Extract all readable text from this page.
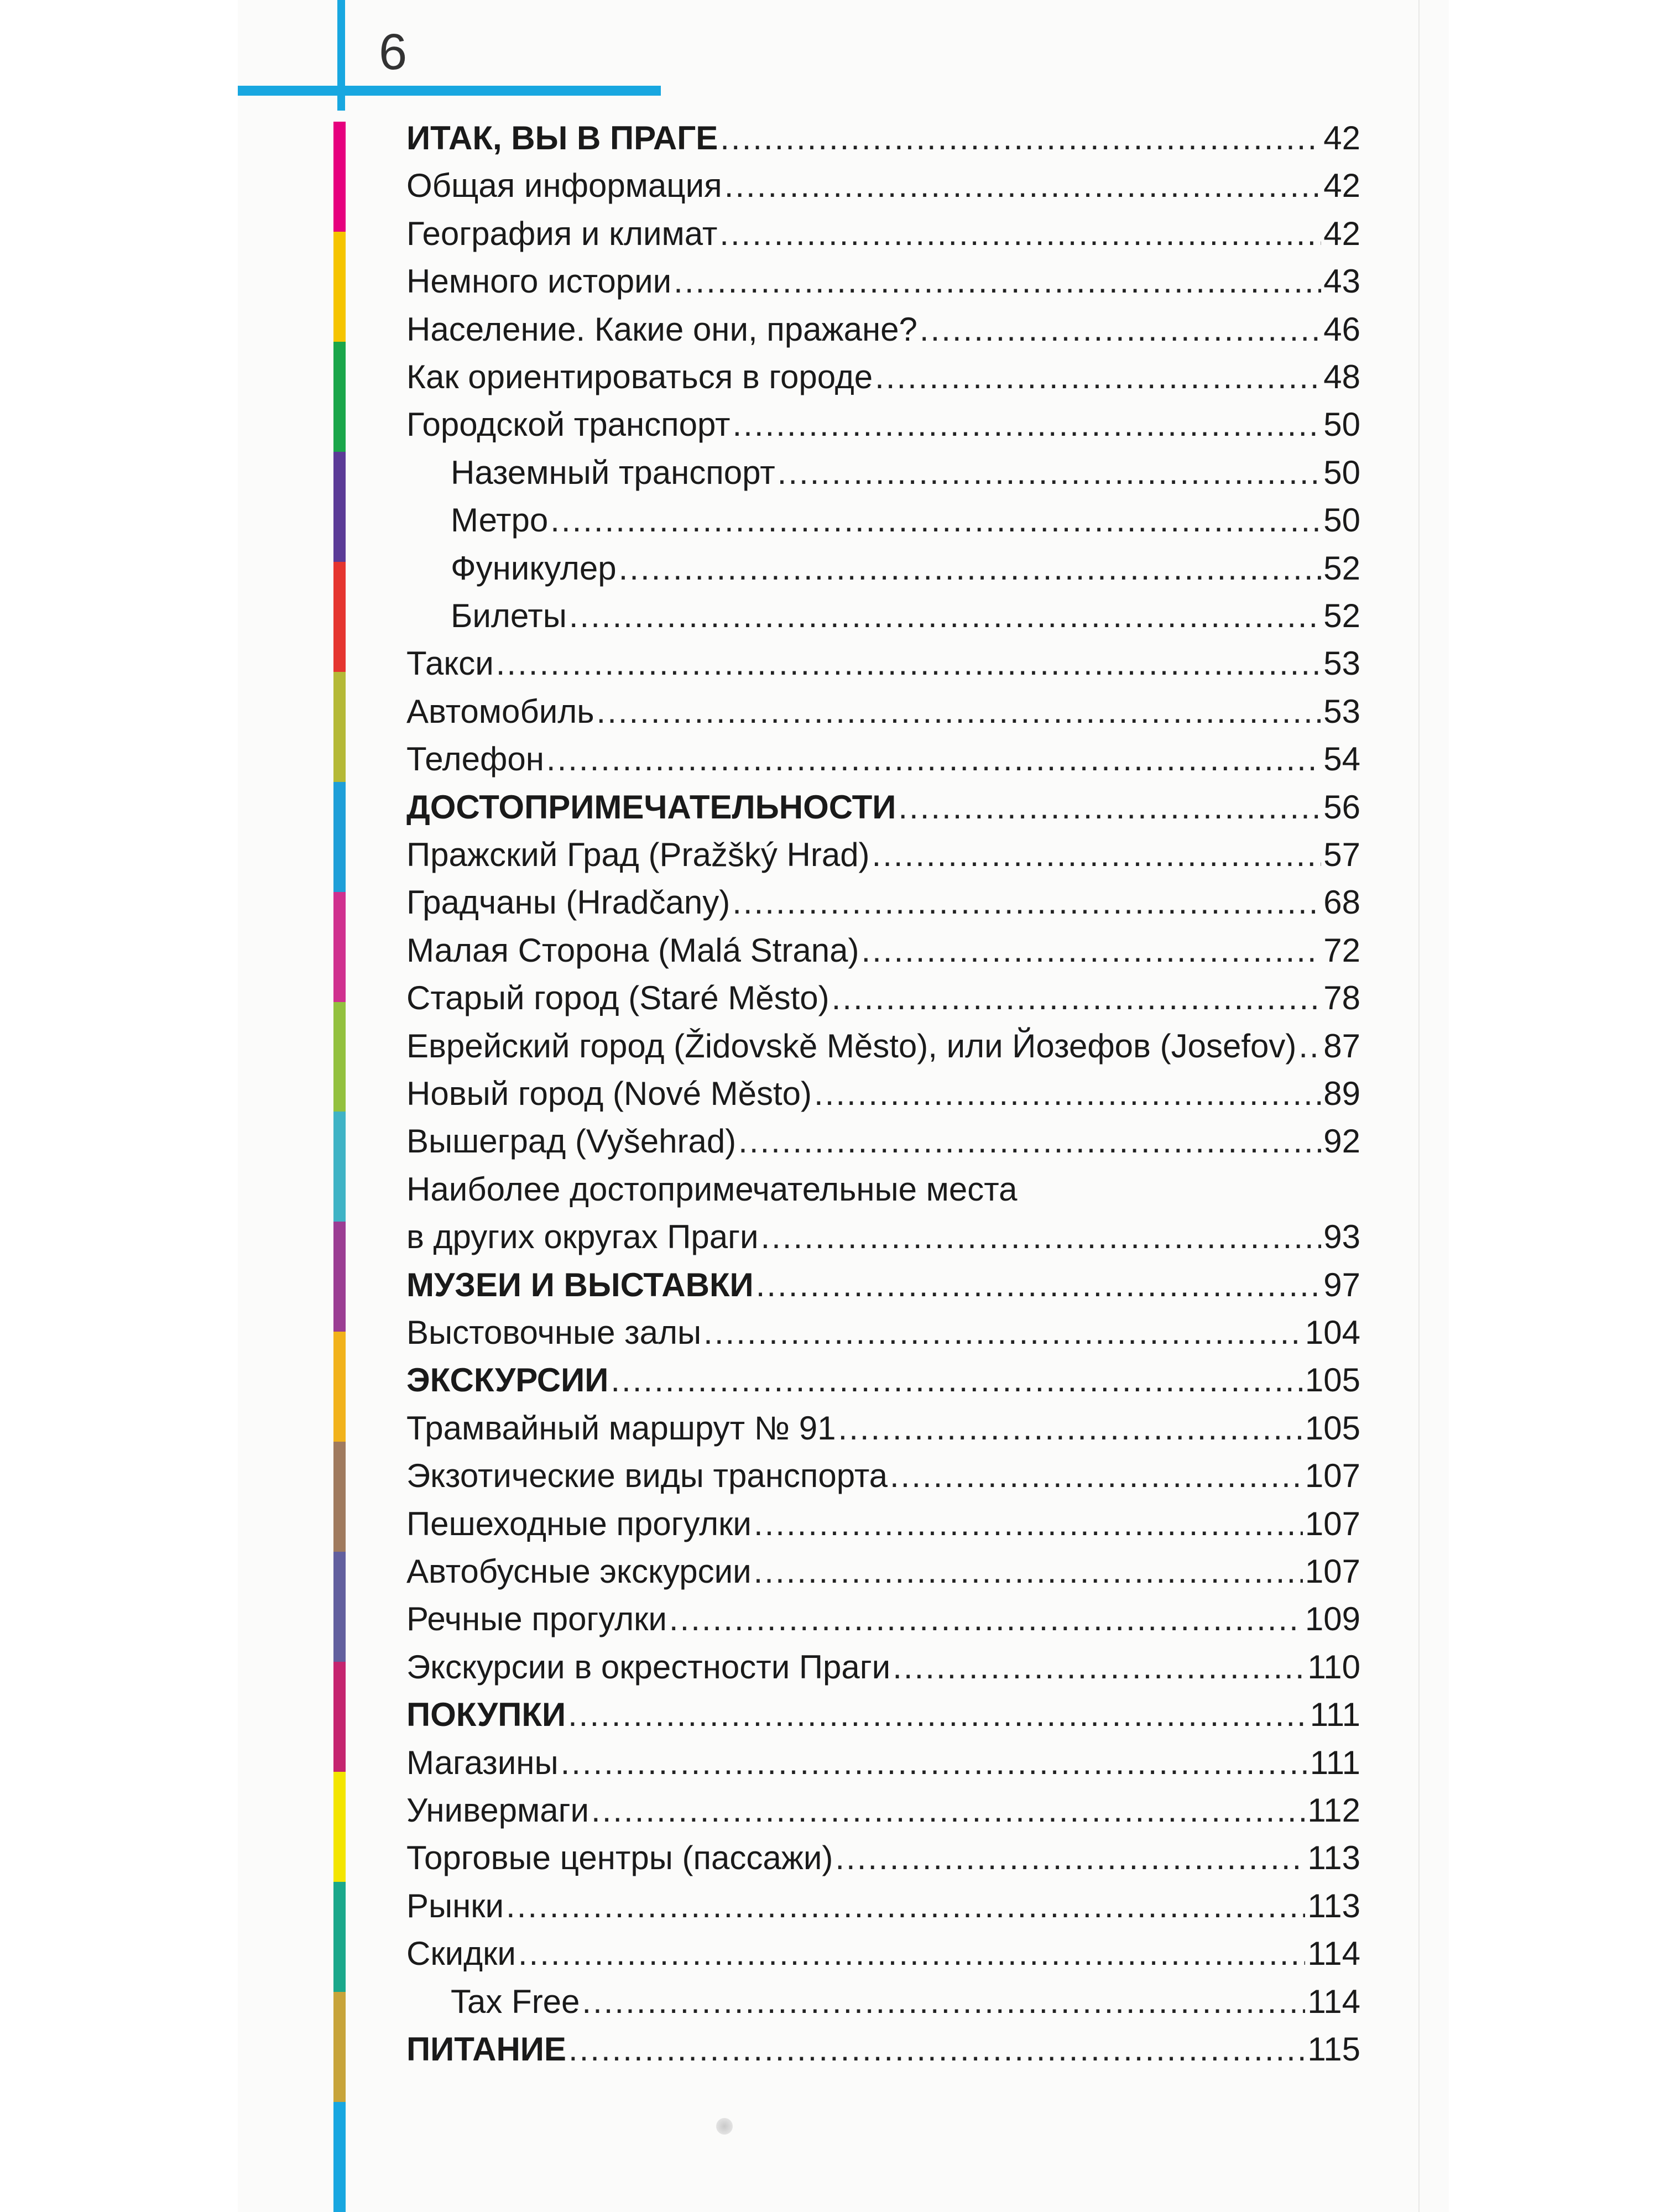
6
ИТАК, ВЫ В ПРАГЕ .....	42
Общая информация .....	42
География и климат .....	42
Немного истории .....	43
Население. Какие они, пражане? .....	46
Как ориентироваться в городе .....	48
Городской транспорт .....	50
Наземный транспорт .....	50
Метро .....	50
Фуникулер .....	52
Билеты .....	52
Такси .....	53
Автомобиль .....	53
Телефон .....	54
ДОСТОПРИМЕЧАТЕЛЬНОСТИ .....	56
Пражский Град (Pražšký Hrad) .....	57
Градчаны (Hradčany) .....	68
Малая Сторона (Malá Strana) .....	72
Старый город (Staré Město) .....	78
Еврейский город (Židovskě Město), или Йозефов (Josefov) ..... 87
Новый город (Nové Město) .....	89
Вышеград (Vyšehrad) .....	92
Наиболее достопримечательные места
в других округах Праги .....	93
МУЗЕИ И ВЫСТАВКИ .....	97
Выстовочные залы .....	104
ЭКСКУРСИИ .....	105
Трамвайный маршрут № 91 .....	105
Экзотические виды транспорта .....	107
Пешеходные прогулки .....	107
Автобусные экскурсии .....	107
Речные прогулки .....	109
Экскурсии в окрестности Праги .....	110
ПОКУПКИ .....	111
Магазины .....	111
Универмаги .....	112
Торговые центры (пассажи) .....	113
Рынки .....	113
Скидки .....	114
Tax Free .....	114
ПИТАНИЕ .....	115
